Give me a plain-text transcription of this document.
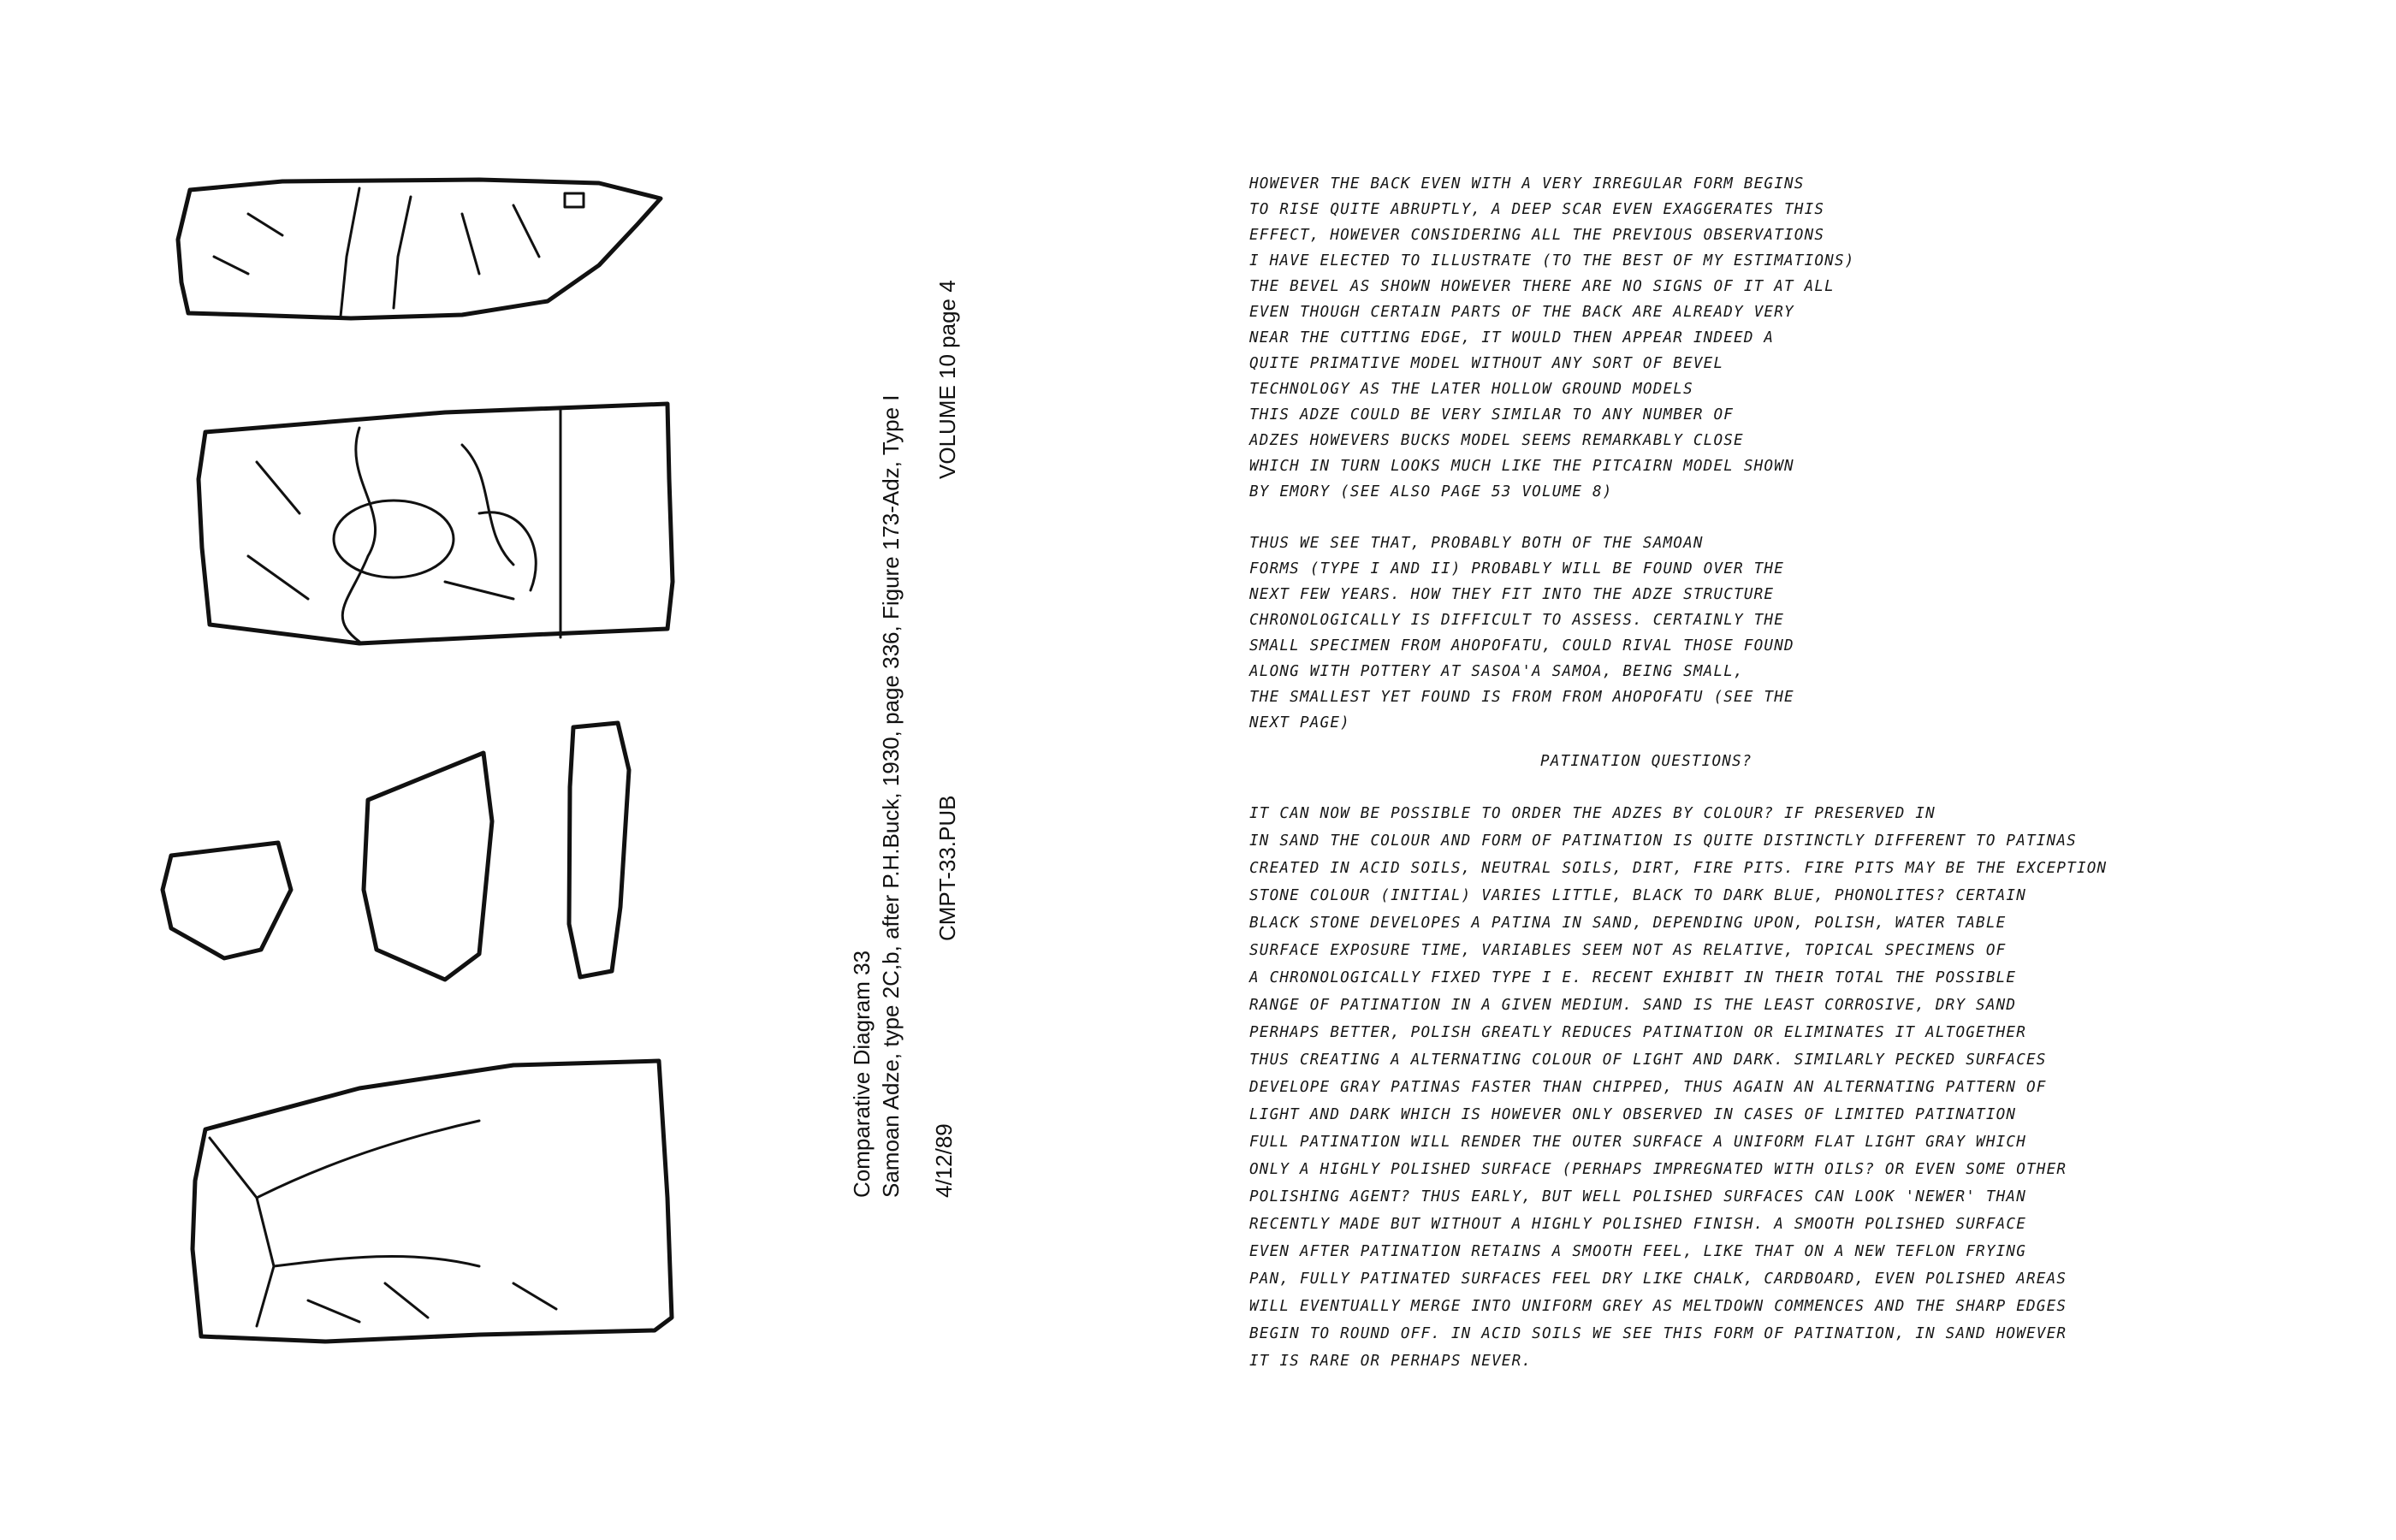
Comparative Diagram 33 Samoan Adze, type 2C,b, after P.H.Buck, 1930, page 336, Figure 173-Adz, Type I 4/12/89
CMPT-33.PUB
VOLUME 10 page 4
HOWEVER THE BACK EVEN WITH A VERY IRREGULAR FORM BEGINS
TO RISE QUITE ABRUPTLY, A DEEP SCAR EVEN EXAGGERATES THIS
EFFECT, HOWEVER CONSIDERING ALL THE PREVIOUS OBSERVATIONS
I HAVE ELECTED TO ILLUSTRATE (TO THE BEST OF MY ESTIMATIONS)
THE BEVEL AS SHOWN HOWEVER THERE ARE NO SIGNS OF IT AT ALL
EVEN THOUGH CERTAIN PARTS OF THE BACK ARE ALREADY VERY
NEAR THE CUTTING EDGE, IT WOULD THEN APPEAR INDEED A
QUITE PRIMATIVE MODEL WITHOUT ANY SORT OF BEVEL
TECHNOLOGY AS THE LATER HOLLOW GROUND MODELS
THIS ADZE COULD BE VERY SIMILAR TO ANY NUMBER OF
ADZES HOWEVERS BUCKS MODEL SEEMS REMARKABLY CLOSE
WHICH IN TURN LOOKS MUCH LIKE THE PITCAIRN MODEL SHOWN
BY EMORY (SEE ALSO PAGE 53 VOLUME 8)
THUS WE SEE THAT, PROBABLY BOTH OF THE SAMOAN
FORMS (TYPE I AND II) PROBABLY WILL BE FOUND OVER THE
NEXT FEW YEARS. HOW THEY FIT INTO THE ADZE STRUCTURE
CHRONOLOGICALLY IS DIFFICULT TO ASSESS. CERTAINLY THE
SMALL SPECIMEN FROM AHOPOFATU, COULD RIVAL THOSE FOUND
ALONG WITH POTTERY AT SASOA'A SAMOA, BEING SMALL,
THE SMALLEST YET FOUND IS FROM FROM AHOPOFATU (SEE THE
NEXT PAGE)
PATINATION QUESTIONS?
IT CAN NOW BE POSSIBLE TO ORDER THE ADZES BY COLOUR? IF PRESERVED IN
IN SAND THE COLOUR AND FORM OF PATINATION IS QUITE DISTINCTLY DIFFERENT TO PATINAS
CREATED IN ACID SOILS, NEUTRAL SOILS, DIRT, FIRE PITS. FIRE PITS MAY BE THE EXCEPTION
STONE COLOUR (INITIAL) VARIES LITTLE, BLACK TO DARK BLUE, PHONOLITES? CERTAIN
BLACK STONE DEVELOPES A PATINA IN SAND, DEPENDING UPON, POLISH, WATER TABLE
SURFACE EXPOSURE TIME, VARIABLES SEEM NOT AS RELATIVE, TOPICAL SPECIMENS OF
A CHRONOLOGICALLY FIXED TYPE I E. RECENT EXHIBIT IN THEIR TOTAL THE POSSIBLE
RANGE OF PATINATION IN A GIVEN MEDIUM. SAND IS THE LEAST CORROSIVE, DRY SAND
PERHAPS BETTER, POLISH GREATLY REDUCES PATINATION OR ELIMINATES IT ALTOGETHER
THUS CREATING A ALTERNATING COLOUR OF LIGHT AND DARK. SIMILARLY PECKED SURFACES
DEVELOPE GRAY PATINAS FASTER THAN CHIPPED, THUS AGAIN AN ALTERNATING PATTERN OF
LIGHT AND DARK WHICH IS HOWEVER ONLY OBSERVED IN CASES OF LIMITED PATINATION
FULL PATINATION WILL RENDER THE OUTER SURFACE A UNIFORM FLAT LIGHT GRAY WHICH
ONLY A HIGHLY POLISHED SURFACE (PERHAPS IMPREGNATED WITH OILS? OR EVEN SOME OTHER
POLISHING AGENT? THUS EARLY, BUT WELL POLISHED SURFACES CAN LOOK 'NEWER' THAN
RECENTLY MADE BUT WITHOUT A HIGHLY POLISHED FINISH. A SMOOTH POLISHED SURFACE
EVEN AFTER PATINATION RETAINS A SMOOTH FEEL, LIKE THAT ON A NEW TEFLON FRYING
PAN, FULLY PATINATED SURFACES FEEL DRY LIKE CHALK, CARDBOARD, EVEN POLISHED AREAS
WILL EVENTUALLY MERGE INTO UNIFORM GREY AS MELTDOWN COMMENCES AND THE SHARP EDGES
BEGIN TO ROUND OFF. IN ACID SOILS WE SEE THIS FORM OF PATINATION, IN SAND HOWEVER
IT IS RARE OR PERHAPS NEVER.
